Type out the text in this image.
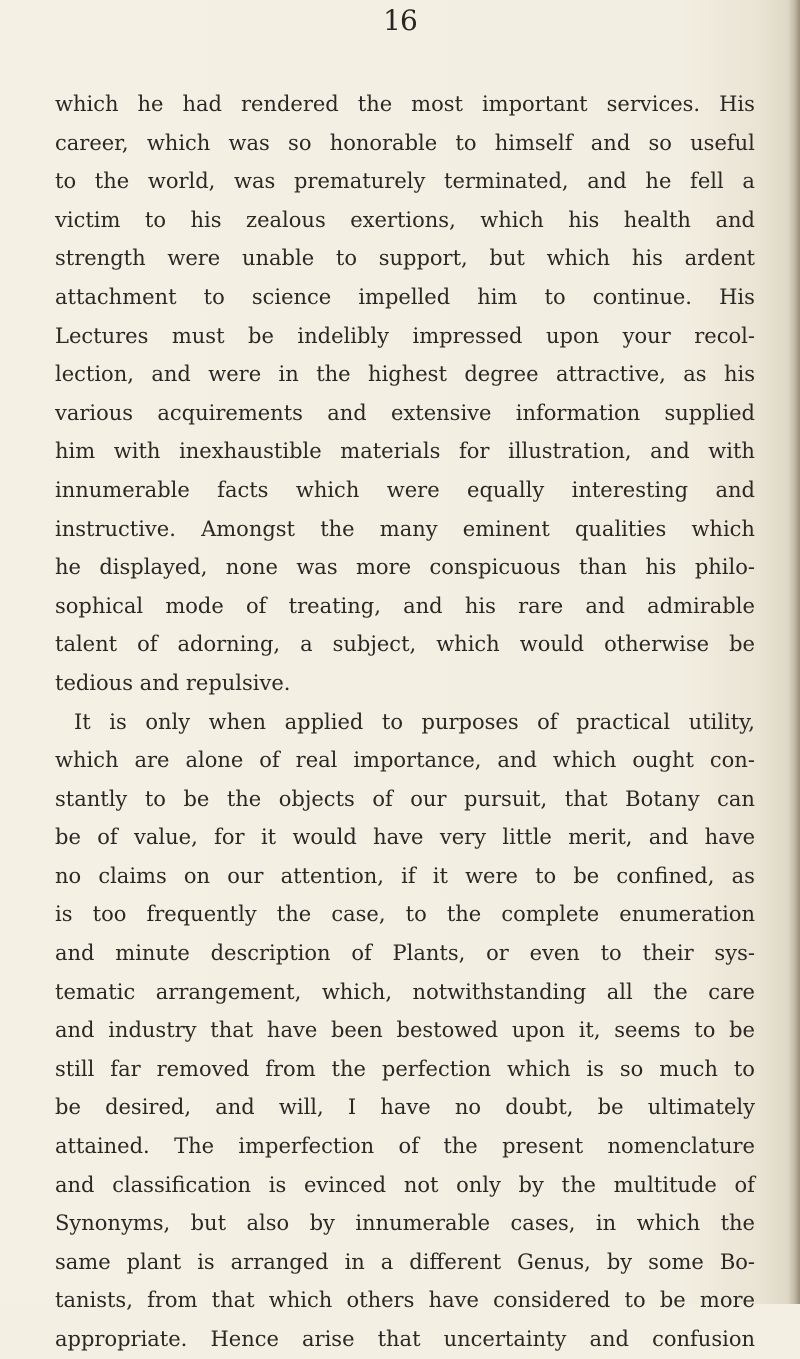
16
which he had rendered the most important services. His
career, which was so honorable to himself and so useful
to the world, was prematurely terminated, and he fell a
victim to his zealous exertions, which his health and
strength were unable to support, but which his ardent
attachment to science impelled him to continue. His
Lectures must be indelibly impressed upon your recol-
lection, and were in the highest degree attractive, as his
various acquirements and extensive information supplied
him with inexhaustible materials for illustration, and with
innumerable facts which were equally interesting and
instructive. Amongst the many eminent qualities which
he displayed, none was more conspicuous than his philo-
sophical mode of treating, and his rare and admirable
talent of adorning, a subject, which would otherwise be
tedious
and
repulsive.

It is only when applied to purposes of practical utility,
which are alone of real importance, and which ought con-
stantly to be the objects of our pursuit, that Botany can
be of value, for it would have very little merit, and have
no claims on our attention, if it were to be confined, as
is too frequently the case, to the complete enumeration
and minute description of Plants, or even to their sys-
tematic arrangement, which, notwithstanding all the care
and industry that have been bestowed upon it, seems to be
still far removed from the perfection which is so much to
be desired, and will, I have no doubt, be ultimately
attained. The imperfection of the present nomenclature
and classification is evinced not only by the multitude of
Synonyms, but also by innumerable cases, in which the
same plant is arranged in a different Genus, by some Bo-
tanists, from that which others have considered to be more
appropriate. Hence arise that uncertainty and confusion
